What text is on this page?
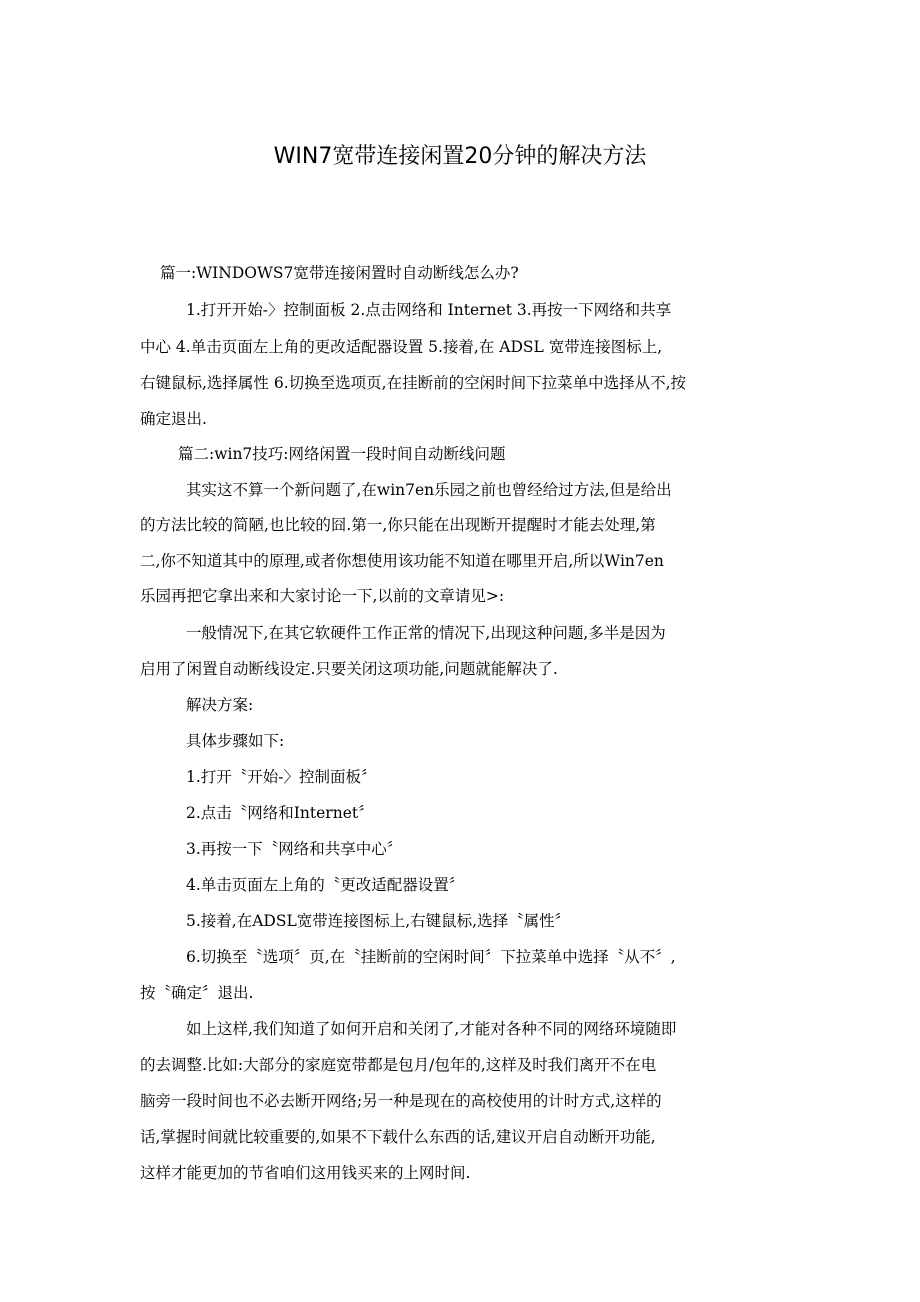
WIN7宽带连接闲置20分钟的解决方法
篇一:WINDOWS7宽带连接闲置时自动断线怎么办?
1.打开开始-〉控制面板 2.点击网络和 Internet 3.再按一下网络和共享
中心 4.单击页面左上角的更改适配器设置 5.接着,在 ADSL 宽带连接图标上,
右键鼠标,选择属性 6.切换至选项页,在挂断前的空闲时间下拉菜单中选择从不,按
确定退出.
篇二:win7技巧:网络闲置一段时间自动断线问题
其实这不算一个新问题了,在win7en乐园之前也曾经给过方法,但是给出
的方法比较的简陋,也比较的囧.第一,你只能在出现断开提醒时才能去处理,第
二,你不知道其中的原理,或者你想使用该功能不知道在哪里开启,所以Win7en
乐园再把它拿出来和大家讨论一下,以前的文章请见>:
一般情况下,在其它软硬件工作正常的情况下,出现这种问题,多半是因为
启用了闲置自动断线设定.只要关闭这项功能,问题就能解决了.
解决方案:
具体步骤如下:
1.打开〝开始-〉控制面板〞
2.点击〝网络和Internet〞
3.再按一下〝网络和共享中心〞
4.单击页面左上角的〝更改适配器设置〞
5.接着,在ADSL宽带连接图标上,右键鼠标,选择〝属性〞
6.切换至〝选项〞页,在〝挂断前的空闲时间〞下拉菜单中选择〝从不〞,
按〝确定〞退出.
如上这样,我们知道了如何开启和关闭了,才能对各种不同的网络环境随即
的去调整.比如:大部分的家庭宽带都是包月/包年的,这样及时我们离开不在电
脑旁一段时间也不必去断开网络;另一种是现在的高校使用的计时方式,这样的
话,掌握时间就比较重要的,如果不下载什么东西的话,建议开启自动断开功能,
这样才能更加的节省咱们这用钱买来的上网时间.
